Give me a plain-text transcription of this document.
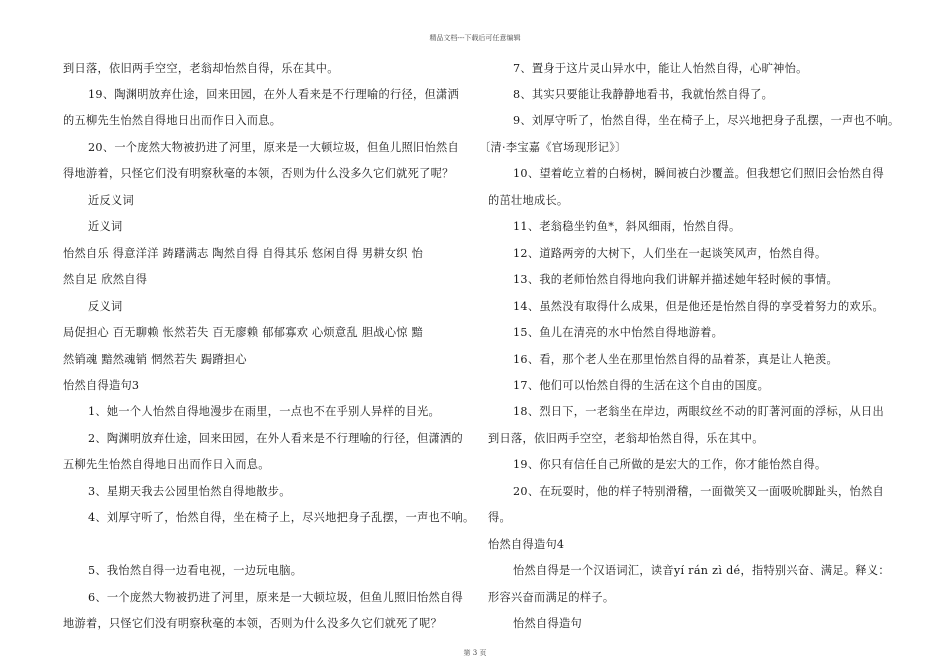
精品文档---下载后可任意编辑
到日落，依旧两手空空，老翁却怡然自得，乐在其中。
19、陶渊明放弃仕途，回来田园，在外人看来是不行理喻的行径，但潇洒
的五柳先生怡然自得地日出而作日入而息。
20、一个庞然大物被扔进了河里，原来是一大顿垃圾，但鱼儿照旧怡然自
得地游着，只怪它们没有明察秋毫的本领，否则为什么没多久它们就死了呢？
近反义词
近义词
怡然自乐 得意洋洋 踌躇满志 陶然自得 自得其乐 悠闲自得 男耕女织 怡
然自足 欣然自得
反义词
局促担心 百无聊赖 怅然若失 百无廖赖 郁郁寡欢 心烦意乱 胆战心惊 黯
然销魂 黯然魂销 惘然若失 跼蹐担心
怡然自得造句3
1、她一个人怡然自得地漫步在雨里，一点也不在乎别人异样的目光。
2、陶渊明放弃仕途，回来田园，在外人看来是不行理喻的行径，但潇洒的
五柳先生怡然自得地日出而作日入而息。
3、星期天我去公园里怡然自得地散步。
4、刘厚守听了，怡然自得，坐在椅子上，尽兴地把身子乱摆，一声也不响。
5、我怡然自得一边看电视，一边玩电脑。
6、一个庞然大物被扔进了河里，原来是一大顿垃圾，但鱼儿照旧怡然自得
地游着，只怪它们没有明察秋毫的本领，否则为什么没多久它们就死了呢？
7、置身于这片灵山异水中，能让人怡然自得，心旷神怡。
8、其实只要能让我静静地看书，我就怡然自得了。
9、刘厚守听了，怡然自得，坐在椅子上，尽兴地把身子乱摆，一声也不响。
〔清·李宝嘉《官场现形记》〕
10、望着屹立着的白杨树，瞬间被白沙覆盖。但我想它们照旧会怡然自得
的茁壮地成长。
11、老翁稳坐钓鱼*，斜风细雨，怡然自得。
12、道路两旁的大树下，人们坐在一起谈笑风声，怡然自得。
13、我的老师怡然自得地向我们讲解并描述她年轻时候的事情。
14、虽然没有取得什么成果，但是他还是怡然自得的享受着努力的欢乐。
15、鱼儿在清亮的水中怡然自得地游着。
16、看，那个老人坐在那里怡然自得的品着茶，真是让人艳羡。
17、他们可以怡然自得的生活在这个自由的国度。
18、烈日下，一老翁坐在岸边，两眼纹丝不动的盯著河面的浮标，从日出
到日落，依旧两手空空，老翁却怡然自得，乐在其中。
19、你只有信任自己所做的是宏大的工作，你才能怡然自得。
20、在玩耍时，他的样子特别滑稽，一面微笑又一面吸吮脚趾头，怡然自
得。
怡然自得造句4
怡然自得是一个汉语词汇，读音yí rán zì dé，指特别兴奋、满足。释义：
形容兴奋而满足的样子。
怡然自得造句
第 3 页
